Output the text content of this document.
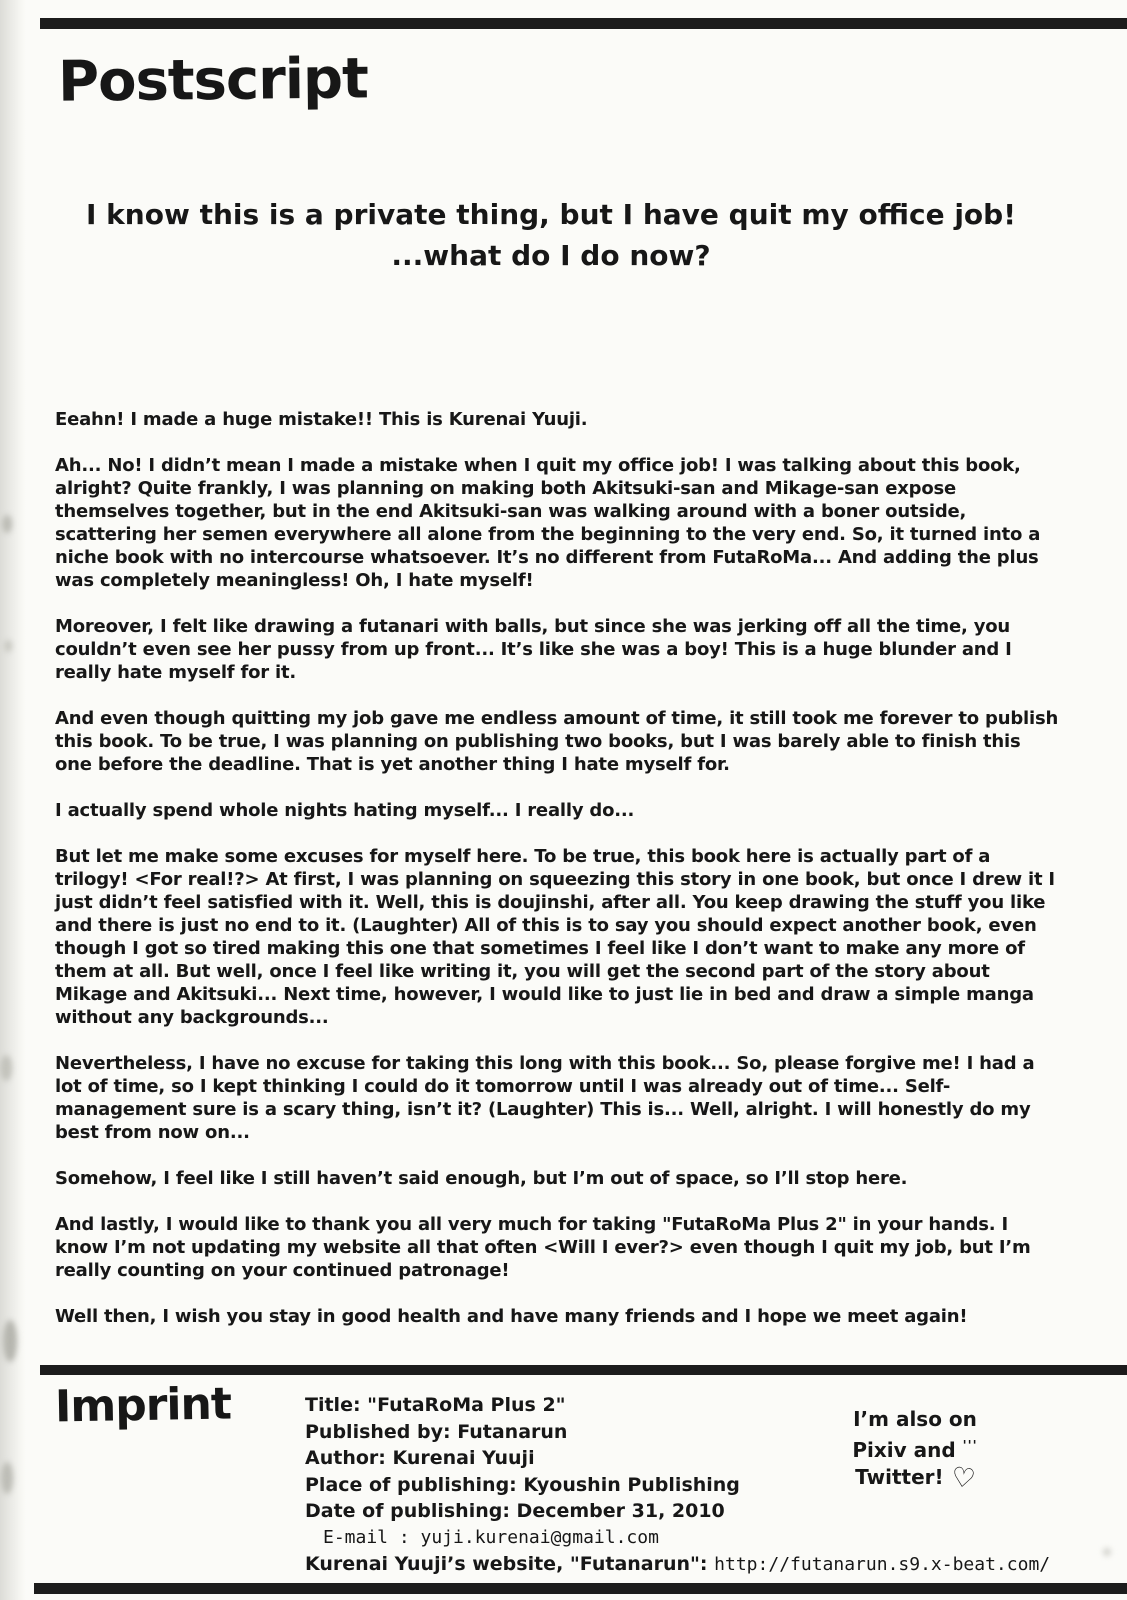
Postscript
I know this is a private thing, but I have quit my office job!
...what do I do now?

Eeahn! I made a huge mistake!! This is Kurenai Yuuji.

Ah... No! I didn’t mean I made a mistake when I quit my office job! I was talking about this book, alright? Quite frankly, I was planning on making both Akitsuki-san and Mikage-san expose themselves together, but in the end Akitsuki-san was walking around with a boner outside, scattering her semen everywhere all alone from the beginning to the very end. So, it turned into a niche book with no intercourse whatsoever. It’s no different from FutaRoMa... And adding the plus was completely meaningless! Oh, I hate myself!

Moreover, I felt like drawing a futanari with balls, but since she was jerking off all the time, you couldn’t even see her pussy from up front... It’s like she was a boy! This is a huge blunder and I really hate myself for it.

And even though quitting my job gave me endless amount of time, it still took me forever to publish this book. To be true, I was planning on publishing two books, but I was barely able to finish this one before the deadline. That is yet another thing I hate myself for.

I actually spend whole nights hating myself... I really do...

But let me make some excuses for myself here. To be true, this book here is actually part of a trilogy! <For real!?> At first, I was planning on squeezing this story in one book, but once I drew it I just didn’t feel satisfied with it. Well, this is doujinshi, after all. You keep drawing the stuff you like and there is just no end to it. (Laughter) All of this is to say you should expect another book, even though I got so tired making this one that sometimes I feel like I don’t want to make any more of them at all. But well, once I feel like writing it, you will get the second part of the story about Mikage and Akitsuki... Next time, however, I would like to just lie in bed and draw a simple manga without any backgrounds...

Nevertheless, I have no excuse for taking this long with this book... So, please forgive me! I had a lot of time, so I kept thinking I could do it tomorrow until I was already out of time... Self-management sure is a scary thing, isn’t it? (Laughter) This is... Well, alright. I will honestly do my best from now on...

Somehow, I feel like I still haven’t said enough, but I’m out of space, so I’ll stop here.

And lastly, I would like to thank you all very much for taking "FutaRoMa Plus 2" in your hands. I know I’m not updating my website all that often <Will I ever?> even though I quit my job, but I’m really counting on your continued patronage!

Well then, I wish you stay in good health and have many friends and I hope we meet again!

Imprint	Title: "FutaRoMa Plus 2"
Published by: Futanarun
Author: Kurenai Yuuji
Place of publishing: Kyoushin Publishing
Date of publishing: December 31, 2010
E-mail : yuji.kurenai@gmail.com
Kurenai Yuuji’s website, "Futanarun": http://futanarun.s9.x-beat.com/
I’m also on
Pixiv and '''
Twitter! ♡
